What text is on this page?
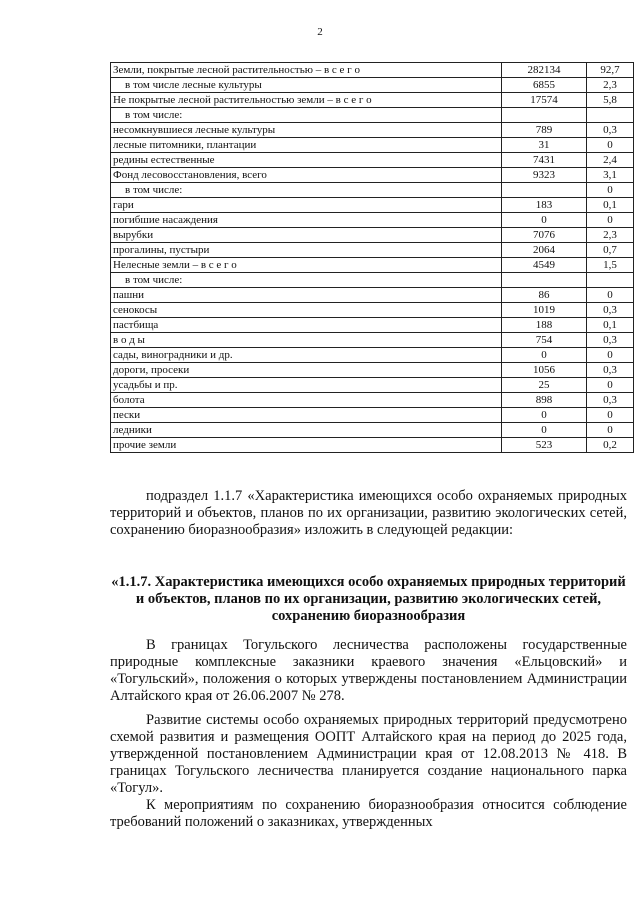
2
Земли, покрытые лесной растительностью – в с е г о	282134	92,7
в том числе лесные культуры	6855	2,3
Не покрытые лесной растительностью земли – в с е г о	17574	5,8
в том числе:		
несомкнувшиеся лесные культуры	789	0,3
лесные питомники, плантации	31	0
редины естественные	7431	2,4
Фонд лесовосстановления, всего	9323	3,1
в том числе:		0
гари	183	0,1
погибшие насаждения	0	0
вырубки	7076	2,3
прогалины, пустыри	2064	0,7
Нелесные земли – в с е г о	4549	1,5
в том числе:		
пашни	86	0
сенокосы	1019	0,3
пастбища	188	0,1
в о д ы	754	0,3
сады, виноградники и др.	0	0
дороги, просеки	1056	0,3
усадьбы и пр.	25	0
болота	898	0,3
пески	0	0
ледники	0	0
прочие земли	523	0,2
подраздел 1.1.7 «Характеристика имеющихся особо охраняемых природных территорий и объектов, планов по их организации, развитию экологических сетей, сохранению биоразнообразия» изложить в следующей редакции:
«1.1.7. Характеристика имеющихся особо охраняемых природных территорий и объектов, планов по их организации, развитию экологических сетей, сохранению биоразнообразия
В границах Тогульского лесничества расположены государственные природные комплексные заказники краевого значения «Ельцовский» и «Тогульский», положения о которых утверждены постановлением Администрации Алтайского края от 26.06.2007 № 278.
Развитие системы особо охраняемых природных территорий предусмотрено схемой развития и размещения ООПТ Алтайского края на период до 2025 года, утвержденной постановлением Администрации края от 12.08.2013 № 418. В границах Тогульского лесничества планируется создание национального парка «Тогул».
К мероприятиям по сохранению биоразнообразия относится соблюдение требований положений о заказниках, утвержденных
